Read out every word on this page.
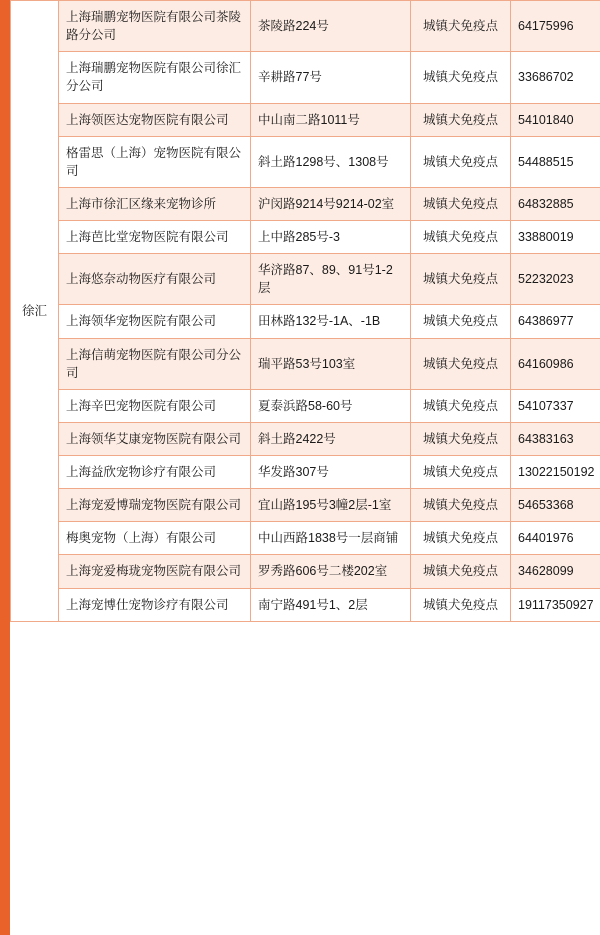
徐汇	上海瑞鹏宠物医院有限公司茶陵路分公司	茶陵路224号	城镇犬免疫点	64175996
	上海瑞鹏宠物医院有限公司徐汇分公司	辛耕路77号	城镇犬免疫点	33686702
	上海领医达宠物医院有限公司	中山南二路1011号	城镇犬免疫点	54101840
	格雷思（上海）宠物医院有限公司	斜土路1298号、1308号	城镇犬免疫点	54488515
	上海市徐汇区缘来宠物诊所	沪闵路9214号9214-02室	城镇犬免疫点	64832885
	上海芭比堂宠物医院有限公司	上中路285号-3	城镇犬免疫点	33880019
	上海悠奈动物医疗有限公司	华济路87、89、91号1-2层	城镇犬免疫点	52232023
	上海领华宠物医院有限公司	田林路132号-1A、-1B	城镇犬免疫点	64386977
	上海信萌宠物医院有限公司分公司	瑞平路53号103室	城镇犬免疫点	64160986
	上海辛巴宠物医院有限公司	夏泰浜路58-60号	城镇犬免疫点	54107337
	上海领华艾康宠物医院有限公司	斜土路2422号	城镇犬免疫点	64383163
	上海益欣宠物诊疗有限公司	华发路307号	城镇犬免疫点	13022150192
	上海宠爱博瑞宠物医院有限公司	宜山路195号3幢2层-1室	城镇犬免疫点	54653368
	梅奥宠物（上海）有限公司	中山西路1838号一层商铺	城镇犬免疫点	64401976
	上海宠爱梅珑宠物医院有限公司	罗秀路606号二楼202室	城镇犬免疫点	34628099
	上海宠博仕宠物诊疗有限公司	南宁路491号1、2层	城镇犬免疫点	19117350927
